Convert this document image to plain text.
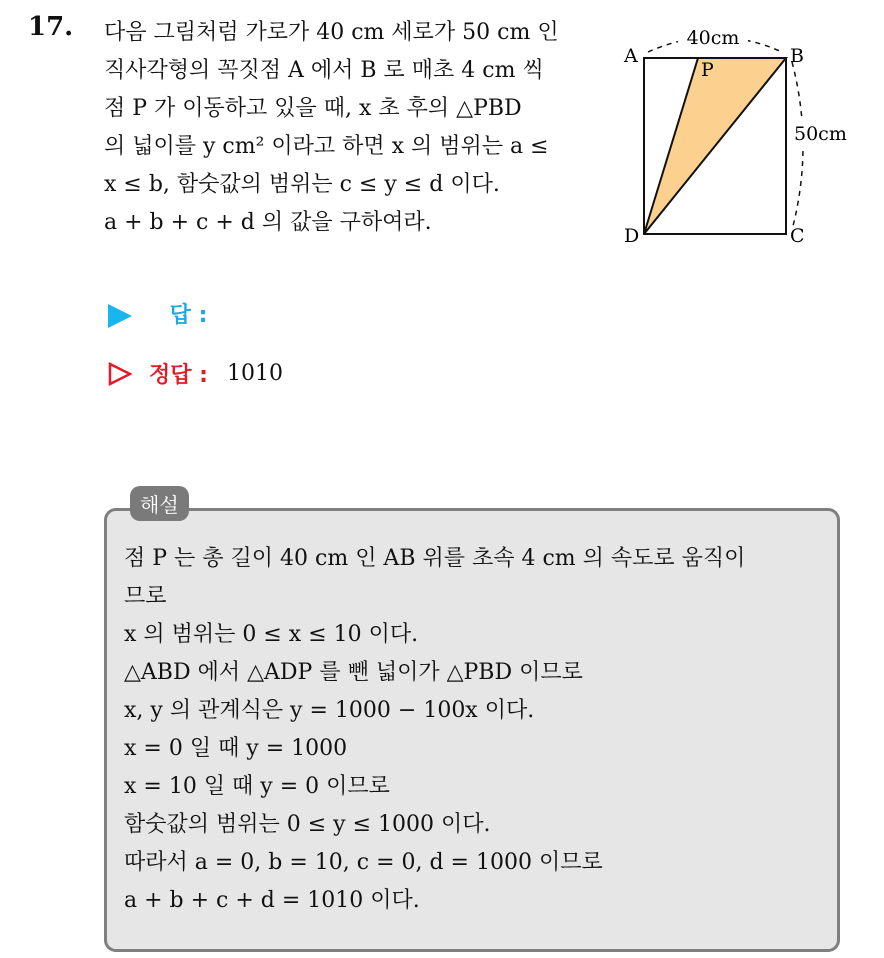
17. 다음 그림처럼 가로가 40 cm 세로가 50 cm 인
직사각형의 꼭짓점 A 에서 B 로 매초 4 cm 씩
점 P 가 이동하고 있을 때, x 초 후의 △PBD
의 넓이를 y cm² 이라고 하면 x 의 범위는 a ≤
x ≤ b, 함숫값의 범위는 c ≤ y ≤ d 이다.
a + b + c + d 의 값을 구하여라.
40cm
50cm
A	B
C
D
P
답 :
정답 : 1010
해설
점 P 는 총 길이 40 cm 인 AB 위를 초속 4 cm 의 속도로 움직이
므로
x 의 범위는 0 ≤ x ≤ 10 이다.
△ABD 에서 △ADP 를 뺀 넓이가 △PBD 이므로
x, y 의 관계식은 y = 1000 − 100x 이다.
x = 0 일 때 y = 1000
x = 10 일 때 y = 0 이므로
함숫값의 범위는 0 ≤ y ≤ 1000 이다.
따라서 a = 0, b = 10, c = 0, d = 1000 이므로
a + b + c + d = 1010 이다.
